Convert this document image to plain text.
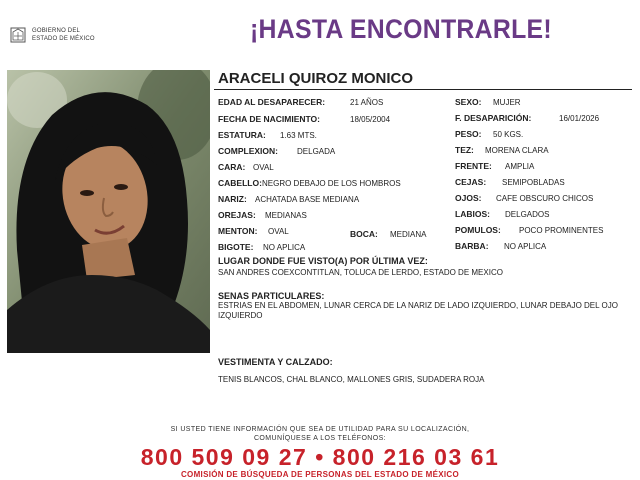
GOBIERNO DEL
ESTADO DE MÉXICO	¡HASTA ENCONTRARLE!
ARACELI QUIROZ MONICO
EDAD AL DESAPARECER:	21 AÑOS
FECHA DE NACIMIENTO:	18/05/2004
ESTATURA: 1.63 MTS.
COMPLEXION: DELGADA
CARA: OVAL
CABELLO: NEGRO DEBAJO DE LOS HOMBROS
NARIZ: ACHATADA BASE MEDIANA
OREJAS: MEDIANAS
MENTON: OVAL	BOCA: MEDIANA
BIGOTE: NO APLICA
SEXO: MUJER
F. DESAPARICIÓN:	16/01/2026
PESO: 50 KGS.
TEZ: MORENA CLARA
FRENTE: AMPLIA
CEJAS: SEMIPOBLADAS
OJOS: CAFE OBSCURO CHICOS
LABIOS: DELGADOS
POMULOS: POCO PROMINENTES
BARBA: NO APLICA
LUGAR DONDE FUE VISTO(A) POR ÚLTIMA VEZ:
SAN ANDRES COEXCONTITLAN, TOLUCA DE LERDO, ESTADO DE MEXICO
SENAS PARTICULARES:
ESTRIAS EN EL ABDOMEN, LUNAR CERCA DE LA NARIZ DE LADO IZQUIERDO, LUNAR DEBAJO DEL OJO IZQUIERDO
VESTIMENTA Y CALZADO:
TENIS BLANCOS, CHAL BLANCO, MALLONES GRIS, SUDADERA ROJA
SI USTED TIENE INFORMACIÓN QUE SEA DE UTILIDAD PARA SU LOCALIZACIÓN,
COMUNÍQUESE A LOS TELÉFONOS:
800 509 09 27 • 800 216 03 61
COMISIÓN DE BÚSQUEDA DE PERSONAS DEL ESTADO DE MÉXICO
